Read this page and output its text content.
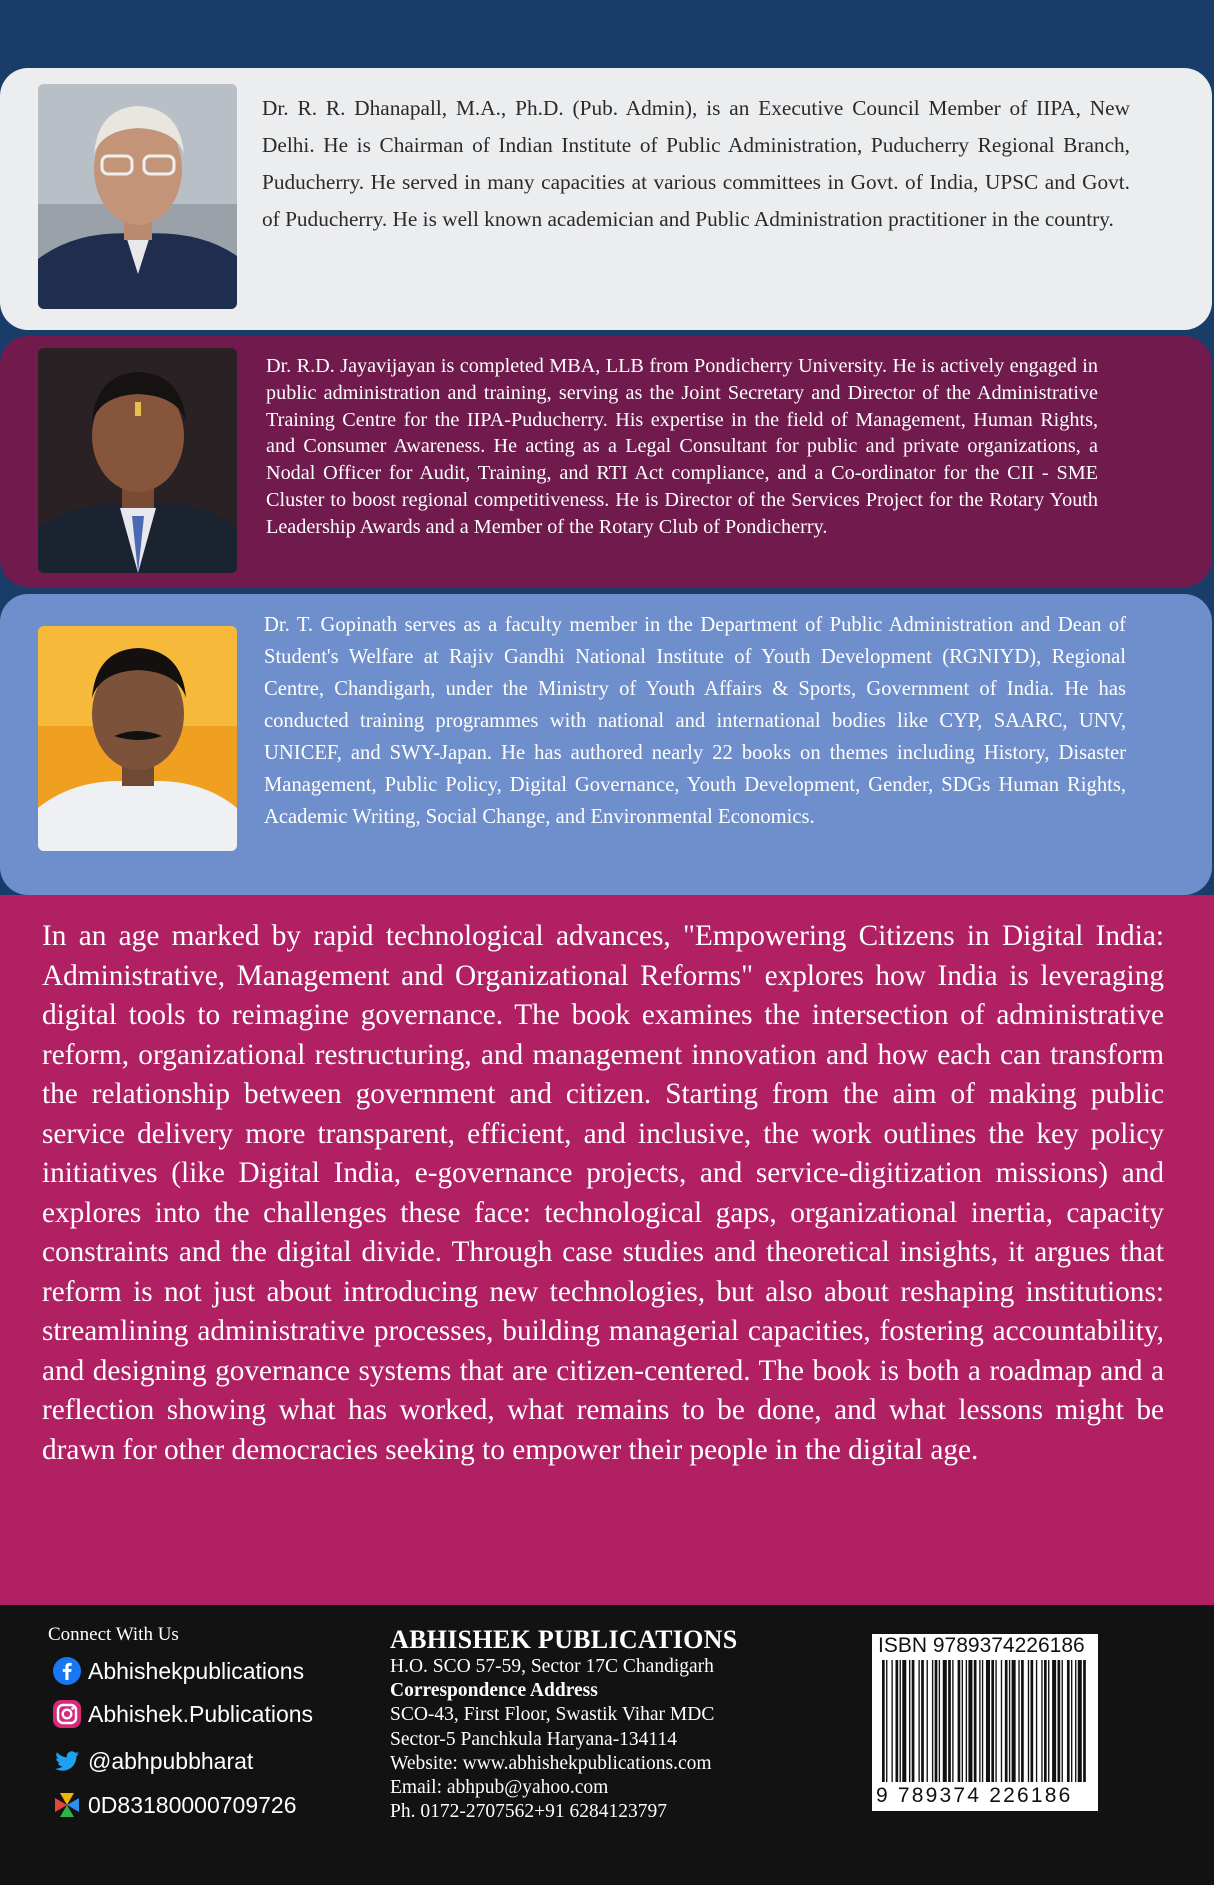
Dr. R. R. Dhanapall, M.A., Ph.D. (Pub. Admin), is an Executive Council Member of IIPA, New Delhi. He is Chairman of Indian Institute of Public Administration, Puducherry Regional Branch, Puducherry. He served in many capacities at various committees in Govt. of India, UPSC and Govt. of Puducherry. He is well known academician and Public Administration practitioner in the country.

Dr. R.D. Jayavijayan is completed MBA, LLB from Pondicherry University. He is actively engaged in public administration and training, serving as the Joint Secretary and Director of the Administrative Training Centre for the IIPA-Puducherry. His expertise in the field of Management, Human Rights, and Consumer Awareness. He acting as a Legal Consultant for public and private organizations, a Nodal Officer for Audit, Training, and RTI Act compliance, and a Co-ordinator for the CII - SME Cluster to boost regional competitiveness. He is Director of the Services Project for the Rotary Youth Leadership Awards and a Member of the Rotary Club of Pondicherry.

Dr. T. Gopinath serves as a faculty member in the Department of Public Administration and Dean of Student's Welfare at Rajiv Gandhi National Institute of Youth Development (RGNIYD), Regional Centre, Chandigarh, under the Ministry of Youth Affairs & Sports, Government of India. He has conducted training programmes with national and international bodies like CYP, SAARC, UNV, UNICEF, and SWY-Japan. He has authored nearly 22 books on themes including History, Disaster Management, Public Policy, Digital Governance, Youth Development, Gender, SDGs Human Rights, Academic Writing, Social Change, and Environmental Economics.

In an age marked by rapid technological advances, "Empowering Citizens in Digital India: Administrative, Management and Organizational Reforms" explores how India is leveraging digital tools to reimagine governance. The book examines the intersection of administrative reform, organizational restructuring, and management innovation and how each can transform the relationship between government and citizen. Starting from the aim of making public service delivery more transparent, efficient, and inclusive, the work outlines the key policy initiatives (like Digital India, e-governance projects, and service-digitization missions) and explores into the challenges these face: technological gaps, organizational inertia, capacity constraints and the digital divide. Through case studies and theoretical insights, it argues that reform is not just about introducing new technologies, but also about reshaping institutions: streamlining administrative processes, building managerial capacities, fostering accountability, and designing governance systems that are citizen-centered. The book is both a roadmap and a reflection showing what has worked, what remains to be done, and what lessons might be drawn for other democracies seeking to empower their people in the digital age.

Connect With Us
Abhishekpublications
Abhishek.Publications
@abhpubbharat
0D83180000709726
ABHISHEK PUBLICATIONS
H.O. SCO 57-59, Sector 17C Chandigarh
Correspondence Address
SCO-43, First Floor, Swastik Vihar MDC
Sector-5 Panchkula Haryana-134114
Website: www.abhishekpublications.com
Email: abhpub@yahoo.com
Ph. 0172-2707562+91 6284123797
ISBN 9789374226186
9 789374 226186
